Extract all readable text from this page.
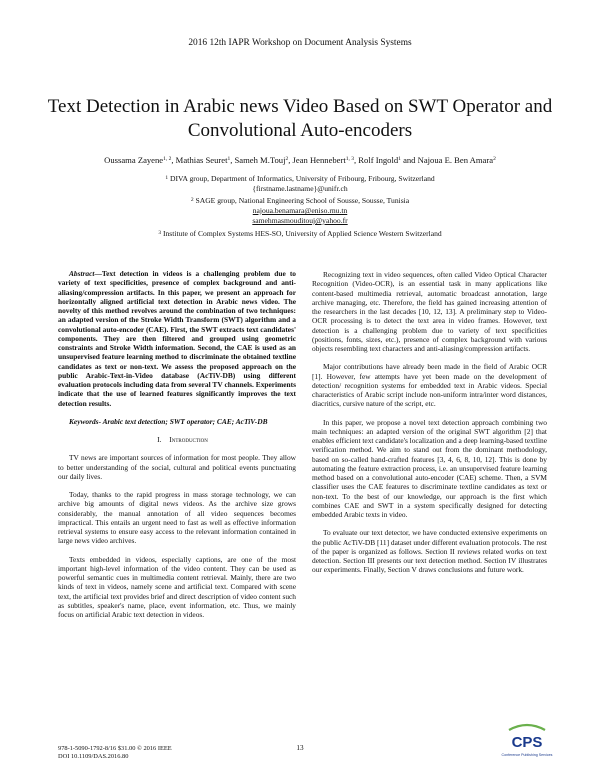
2016 12th IAPR Workshop on Document Analysis Systems
Text Detection in Arabic news Video Based on SWT Operator and Convolutional Auto-encoders
Oussama Zayene$^{1, 2}$, Mathias Seuret$^1$, Sameh M.Touj$^2$, Jean Hennebert$^{1, 3}$, Rolf Ingold$^1$ and Najoua E. Ben Amara$^2$
$^1$ DIVA group, Department of Informatics, University of Fribourg, Fribourg, Switzerland
{firstname.lastname}@unifr.ch
$^2$ SAGE group, National Engineering School of Sousse, Sousse, Tunisia
najoua.benamara@eniso.rnu.tn
samehmasmouditouj@yahoo.fr
$^3$ Institute of Complex Systems HES-SO, University of Applied Science Western Switzerland

Abstract—Text detection in videos is a challenging problem due to variety of text specificities, presence of complex background and anti-aliasing/compression artifacts. In this paper, we present an approach for horizontally aligned artificial text detection in Arabic news video. The novelty of this method revolves around the combination of two techniques: an adapted version of the Stroke Width Transform (SWT) algorithm and a convolutional auto-encoder (CAE). First, the SWT extracts text candidates' components. They are then filtered and grouped using geometric constraints and Stroke Width information. Second, the CAE is used as an unsupervised feature learning method to discriminate the obtained textline candidates as text or non-text. We assess the proposed approach on the public Arabic-Text-in-Video database (AcTiV-DB) using different evaluation protocols including data from several TV channels. Experiments indicate that the use of learned features significantly improves the text detection results.

Keywords- Arabic text detection; SWT operator; CAE; AcTiV-DB

I. Introduction

TV news are important sources of information for most people. They allow to better understanding of the social, cultural and political events punctuating our daily lives.

Today, thanks to the rapid progress in mass storage technology, we can archive big amounts of digital news videos. As the archive size grows considerably, the manual annotation of all video sequences becomes impractical. This entails an urgent need to fast as well as effective information retrieval systems to ensure easy access to the relevant information contained in large news video archives.

Texts embedded in videos, especially captions, are one of the most important high-level information of the video content. They can be used as powerful semantic cues in multimedia content retrieval. Mainly, there are two kinds of text in videos, namely scene and artificial text. Compared with scene text, the artificial text provides brief and direct description of video content such as subtitles, speaker's name, place, event information, etc. Thus, we mainly focus on artificial Arabic text detection in videos.

Recognizing text in video sequences, often called Video Optical Character Recognition (Video-OCR), is an essential task in many applications like content-based multimedia retrieval, automatic broadcast annotation, large archive managing, etc. Therefore, the field has gained increasing attention of the researchers in the last decades [10, 12, 13]. A preliminary step to Video-OCR processing is to detect the text area in video frames. However, text detection is a challenging problem due to variety of text specificities (positions, fonts, sizes, etc.), presence of complex background with various objects resembling text characters and anti-aliasing/compression artifacts.

Major contributions have already been made in the field of Arabic OCR [1]. However, few attempts have yet been made on the development of detection/ recognition systems for embedded text in Arabic videos. Special characteristics of Arabic script include non-uniform intra/inter word distances, diacritics, cursive nature of the script, etc.

In this paper, we propose a novel text detection approach combining two main techniques: an adapted version of the original SWT algorithm [2] that enables efficient text candidate's localization and a deep learning-based textline verification method. We aim to stand out from the dominant methodology, based on so-called hand-crafted features [3, 4, 6, 8, 10, 12]. This is done by automating the feature extraction process, i.e. an unsupervised feature learning method based on a convolutional auto-encoder (CAE) scheme. Then, a SVM classifier uses the CAE features to discriminate textline candidates as text or non-text. To the best of our knowledge, our approach is the first which combines CAE and SWT in a system specifically designed for detecting embedded Arabic texts in video.

To evaluate our text detector, we have conducted extensive experiments on the public AcTiV-DB [11] dataset under different evaluation protocols. The rest of the paper is organized as follows. Section II reviews related works on text detection. Section III presents our text detection method. Section IV illustrates our experiments. Finally, Section V draws conclusions and future work.

978-1-5090-1792-8/16 $31.00 © 2016 IEEE
DOI 10.1109/DAS.2016.80
13	CPS
Conference Publishing Services
